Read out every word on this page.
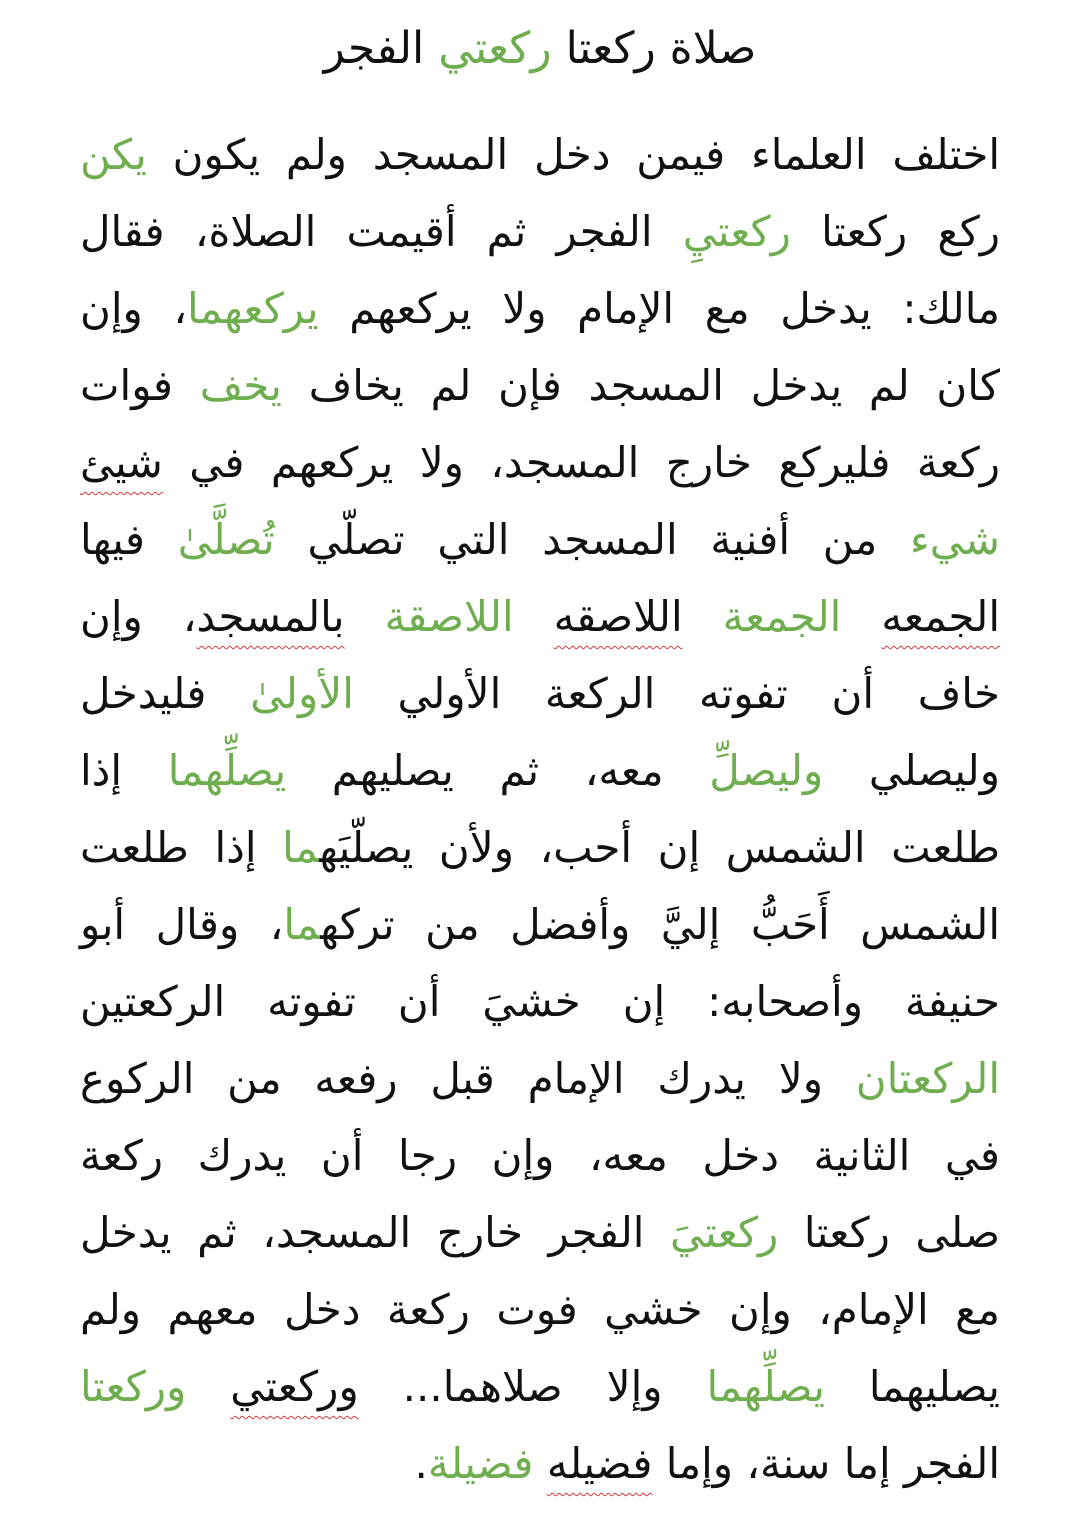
صلاة ركعتا ركعتي الفجر
اختلف العلماء فيمن دخل المسجد ولم يكون يكن
ركع ركعتا ركعتيِ الفجر ثم أقيمت الصلاة، فقال
مالك: يدخل مع الإمام ولا يركعهم يركعهما، وإن
كان لم يدخل المسجد فإن لم يخاف يخف فوات
ركعة فليركع خارج المسجد، ولا يركعهم في شيئ
شيء من أفنية المسجد التي تصلّي تُصلَّىٰ فيها
الجمعه الجمعة اللاصقه اللاصقة بالمسجد، وإن
خاف أن تفوته الركعة الأولي الأولىٰ فليدخل
وليصلي وليصلِّ معه، ثم يصليهم يصلِّهما إذا
طلعت الشمس إن أحب، ولأن يصلّيَهما إذا طلعت
الشمس أَحَبُّ إليَّ وأفضل من تركهما، وقال أبو
حنيفة وأصحابه: إن خشيَ أن تفوته الركعتين
الركعتان ولا يدرك الإمام قبل رفعه من الركوع
في الثانية دخل معه، وإن رجا أن يدرك ركعة
صلى ركعتا ركعتيَ الفجر خارج المسجد، ثم يدخل
مع الإمام، وإن خشي فوت ركعة دخل معهم ولم
يصليهما يصلِّهما وإلا صلاهما... وركعتي وركعتا
الفجر إما سنة، وإما فضيله فضيلة.
